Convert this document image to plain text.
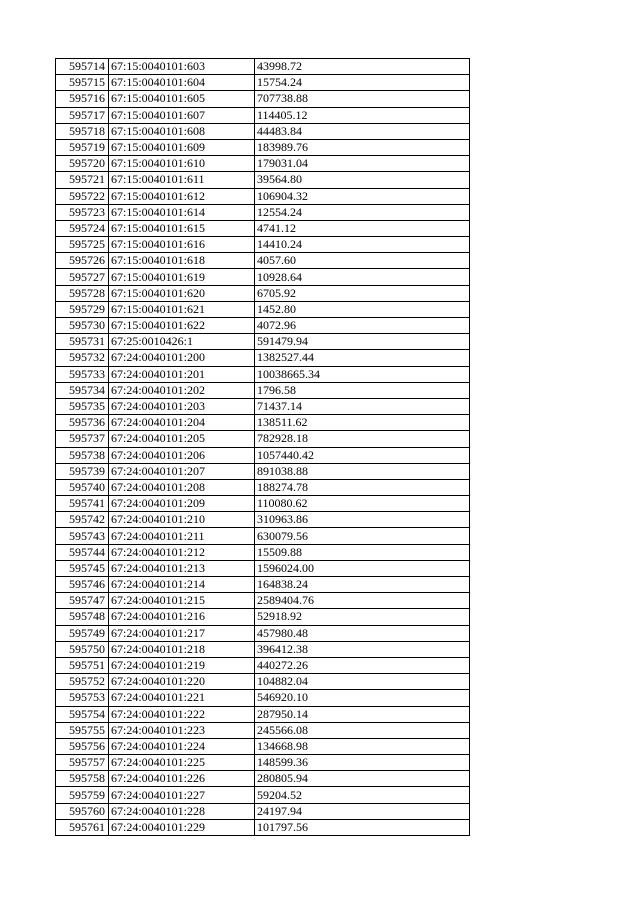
595714	67:15:0040101:603	43998.72
595715	67:15:0040101:604	15754.24
595716	67:15:0040101:605	707738.88
595717	67:15:0040101:607	114405.12
595718	67:15:0040101:608	44483.84
595719	67:15:0040101:609	183989.76
595720	67:15:0040101:610	179031.04
595721	67:15:0040101:611	39564.80
595722	67:15:0040101:612	106904.32
595723	67:15:0040101:614	12554.24
595724	67:15:0040101:615	4741.12
595725	67:15:0040101:616	14410.24
595726	67:15:0040101:618	4057.60
595727	67:15:0040101:619	10928.64
595728	67:15:0040101:620	6705.92
595729	67:15:0040101:621	1452.80
595730	67:15:0040101:622	4072.96
595731	67:25:0010426:1	591479.94
595732	67:24:0040101:200	1382527.44
595733	67:24:0040101:201	10038665.34
595734	67:24:0040101:202	1796.58
595735	67:24:0040101:203	71437.14
595736	67:24:0040101:204	138511.62
595737	67:24:0040101:205	782928.18
595738	67:24:0040101:206	1057440.42
595739	67:24:0040101:207	891038.88
595740	67:24:0040101:208	188274.78
595741	67:24:0040101:209	110080.62
595742	67:24:0040101:210	310963.86
595743	67:24:0040101:211	630079.56
595744	67:24:0040101:212	15509.88
595745	67:24:0040101:213	1596024.00
595746	67:24:0040101:214	164838.24
595747	67:24:0040101:215	2589404.76
595748	67:24:0040101:216	52918.92
595749	67:24:0040101:217	457980.48
595750	67:24:0040101:218	396412.38
595751	67:24:0040101:219	440272.26
595752	67:24:0040101:220	104882.04
595753	67:24:0040101:221	546920.10
595754	67:24:0040101:222	287950.14
595755	67:24:0040101:223	245566.08
595756	67:24:0040101:224	134668.98
595757	67:24:0040101:225	148599.36
595758	67:24:0040101:226	280805.94
595759	67:24:0040101:227	59204.52
595760	67:24:0040101:228	24197.94
595761	67:24:0040101:229	101797.56
